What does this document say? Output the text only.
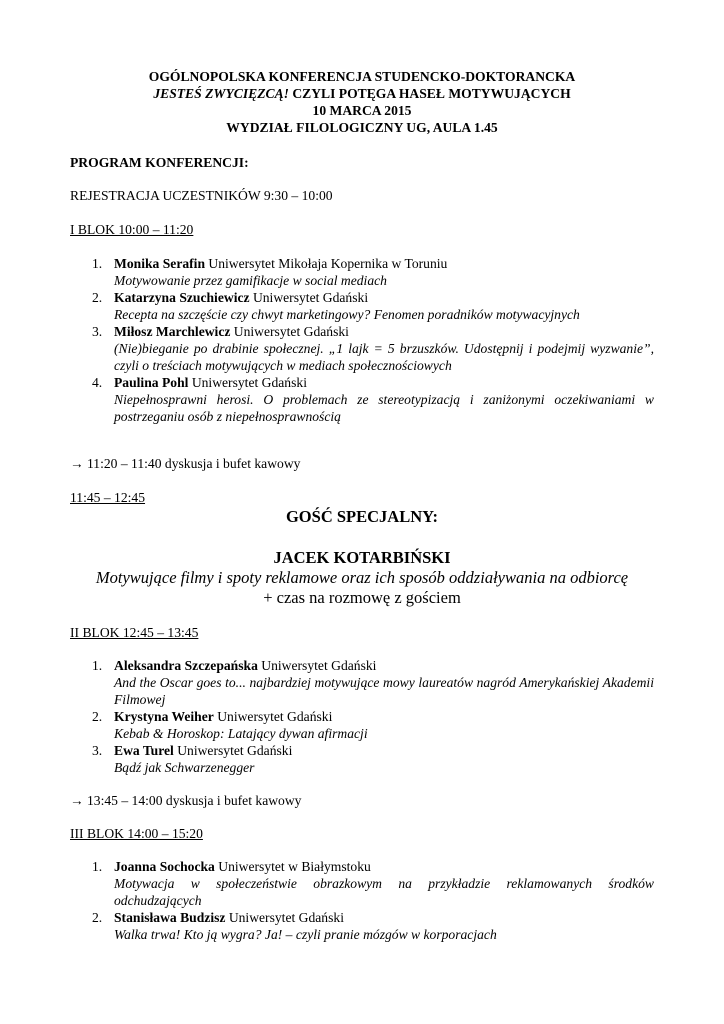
OGÓLNOPOLSKA KONFERENCJA STUDENCKO-DOKTORANCKA
JESTEŚ ZWYCIĘZCĄ! CZYLI POTĘGA HASEŁ MOTYWUJĄCYCH
10 MARCA 2015
WYDZIAŁ FILOLOGICZNY UG, AULA 1.45
PROGRAM KONFERENCJI:
REJESTRACJA UCZESTNIKÓW 9:30 – 10:00
I BLOK 10:00 – 11:20
1. Monika Serafin Uniwersytet Mikołaja Kopernika w Toruniu
Motywowanie przez gamifikacje w social mediach
2. Katarzyna Szuchiewicz Uniwersytet Gdański
Recepta na szczęście czy chwyt marketingowy? Fenomen poradników motywacyjnych
3. Miłosz Marchlewicz Uniwersytet Gdański
(Nie)bieganie po drabinie społecznej. „1 lajk = 5 brzuszków. Udostępnij i podejmij wyzwanie”, czyli o treściach motywujących w mediach społecznościowych
4. Paulina Pohl Uniwersytet Gdański
Niepełnosprawni herosi. O problemach ze stereotypizacją i zaniżonymi oczekiwaniami w postrzeganiu osób z niepełnosprawnością
→ 11:20 – 11:40 dyskusja i bufet kawowy
11:45 – 12:45
GOŚĆ SPECJALNY:
JACEK KOTARBIŃSKI
Motywujące filmy i spoty reklamowe oraz ich sposób oddziaływania na odbiorcę
+ czas na rozmowę z gościem
II BLOK 12:45 – 13:45
1. Aleksandra Szczepańska Uniwersytet Gdański
And the Oscar goes to... najbardziej motywujące mowy laureatów nagród Amerykańskiej Akademii Filmowej
2. Krystyna Weiher Uniwersytet Gdański
Kebab & Horoskop: Latający dywan afirmacji
3. Ewa Turel Uniwersytet Gdański
Bądź jak Schwarzenegger
→ 13:45 – 14:00 dyskusja i bufet kawowy
III BLOK 14:00 – 15:20
1. Joanna Sochocka Uniwersytet w Białymstoku
Motywacja w społeczeństwie obrazkowym na przykładzie reklamowanych środków odchudzających
2. Stanisława Budzisz Uniwersytet Gdański
Walka trwa! Kto ją wygra? Ja! – czyli pranie mózgów w korporacjach
